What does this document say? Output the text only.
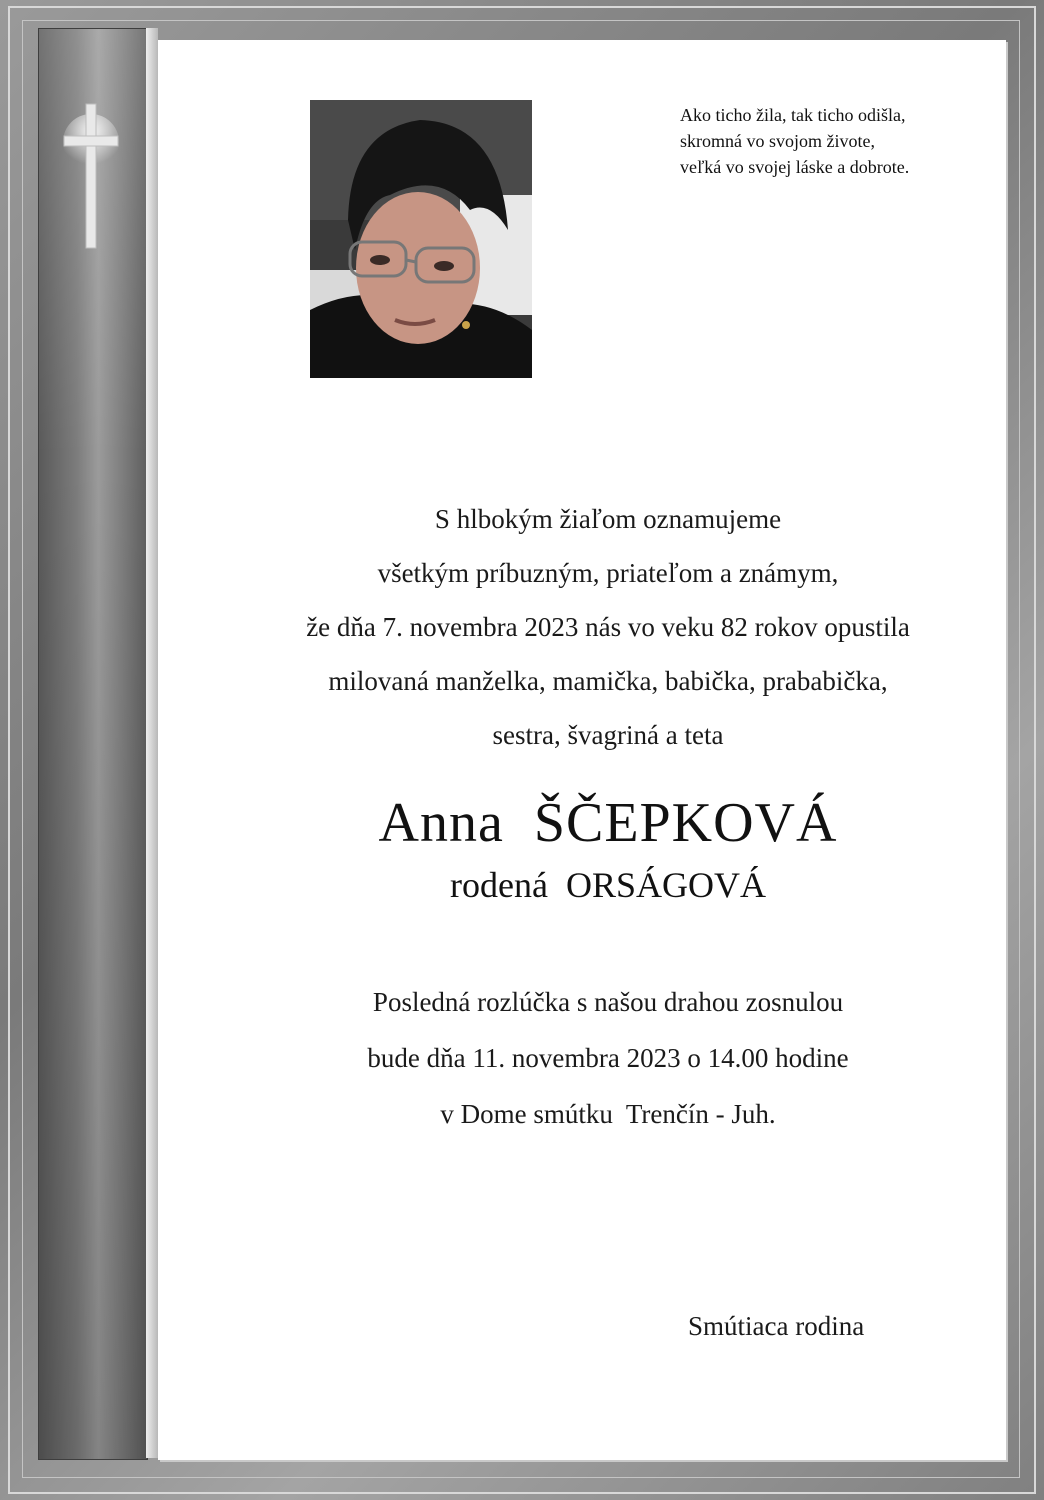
Ako ticho žila, tak ticho odišla,
skromná vo svojom živote,
veľká vo svojej láske a dobrote.
S hlbokým žiaľom oznamujeme
všetkým príbuzným, priateľom a známym,
že dňa 7. novembra 2023 nás vo veku 82 rokov opustila
milovaná manželka, mamička, babička, prababička,
sestra, švagriná a teta
Anna  ŠČEPKOVÁ
rodená  ORSÁGOVÁ
Posledná rozlúčka s našou drahou zosnulou
bude dňa 11. novembra 2023 o 14.00 hodine
v Dome smútku  Trenčín - Juh.
Smútiaca rodina
